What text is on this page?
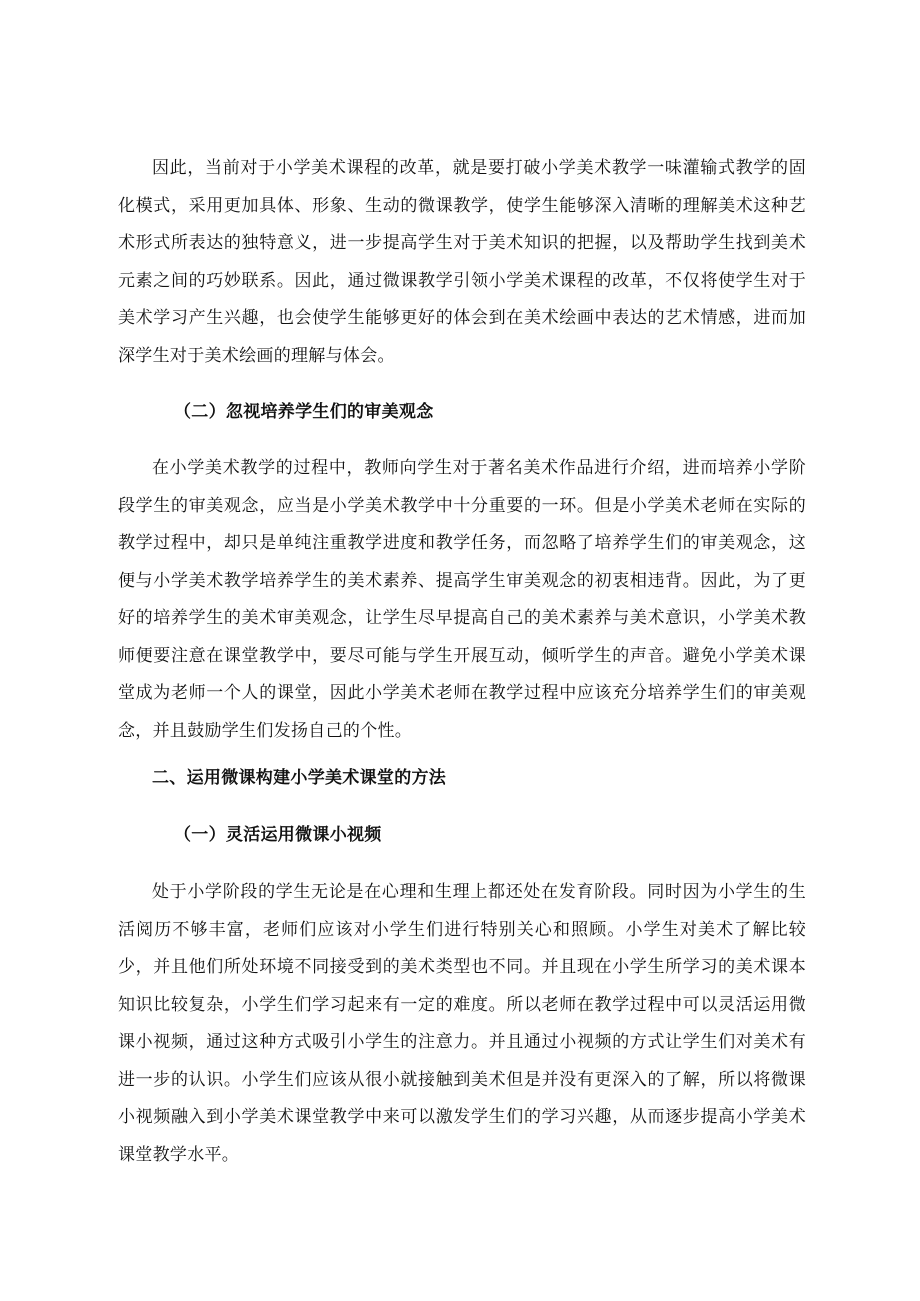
因此，当前对于小学美术课程的改革，就是要打破小学美术教学一味灌输式教学的固化模式，采用更加具体、形象、生动的微课教学，使学生能够深入清晰的理解美术这种艺术形式所表达的独特意义，进一步提高学生对于美术知识的把握，以及帮助学生找到美术元素之间的巧妙联系。因此，通过微课教学引领小学美术课程的改革，不仅将使学生对于美术学习产生兴趣，也会使学生能够更好的体会到在美术绘画中表达的艺术情感，进而加深学生对于美术绘画的理解与体会。

（二）忽视培养学生们的审美观念

在小学美术教学的过程中，教师向学生对于著名美术作品进行介绍，进而培养小学阶段学生的审美观念，应当是小学美术教学中十分重要的一环。但是小学美术老师在实际的教学过程中，却只是单纯注重教学进度和教学任务，而忽略了培养学生们的审美观念，这便与小学美术教学培养学生的美术素养、提高学生审美观念的初衷相违背。因此，为了更好的培养学生的美术审美观念，让学生尽早提高自己的美术素养与美术意识，小学美术教师便要注意在课堂教学中，要尽可能与学生开展互动，倾听学生的声音。避免小学美术课堂成为老师一个人的课堂，因此小学美术老师在教学过程中应该充分培养学生们的审美观念，并且鼓励学生们发扬自己的个性。

二、运用微课构建小学美术课堂的方法
（一）灵活运用微课小视频

处于小学阶段的学生无论是在心理和生理上都还处在发育阶段。同时因为小学生的生活阅历不够丰富，老师们应该对小学生们进行特别关心和照顾。小学生对美术了解比较少，并且他们所处环境不同接受到的美术类型也不同。并且现在小学生所学习的美术课本知识比较复杂，小学生们学习起来有一定的难度。所以老师在教学过程中可以灵活运用微课小视频，通过这种方式吸引小学生的注意力。并且通过小视频的方式让学生们对美术有进一步的认识。小学生们应该从很小就接触到美术但是并没有更深入的了解，所以将微课小视频融入到小学美术课堂教学中来可以激发学生们的学习兴趣，从而逐步提高小学美术课堂教学水平。
